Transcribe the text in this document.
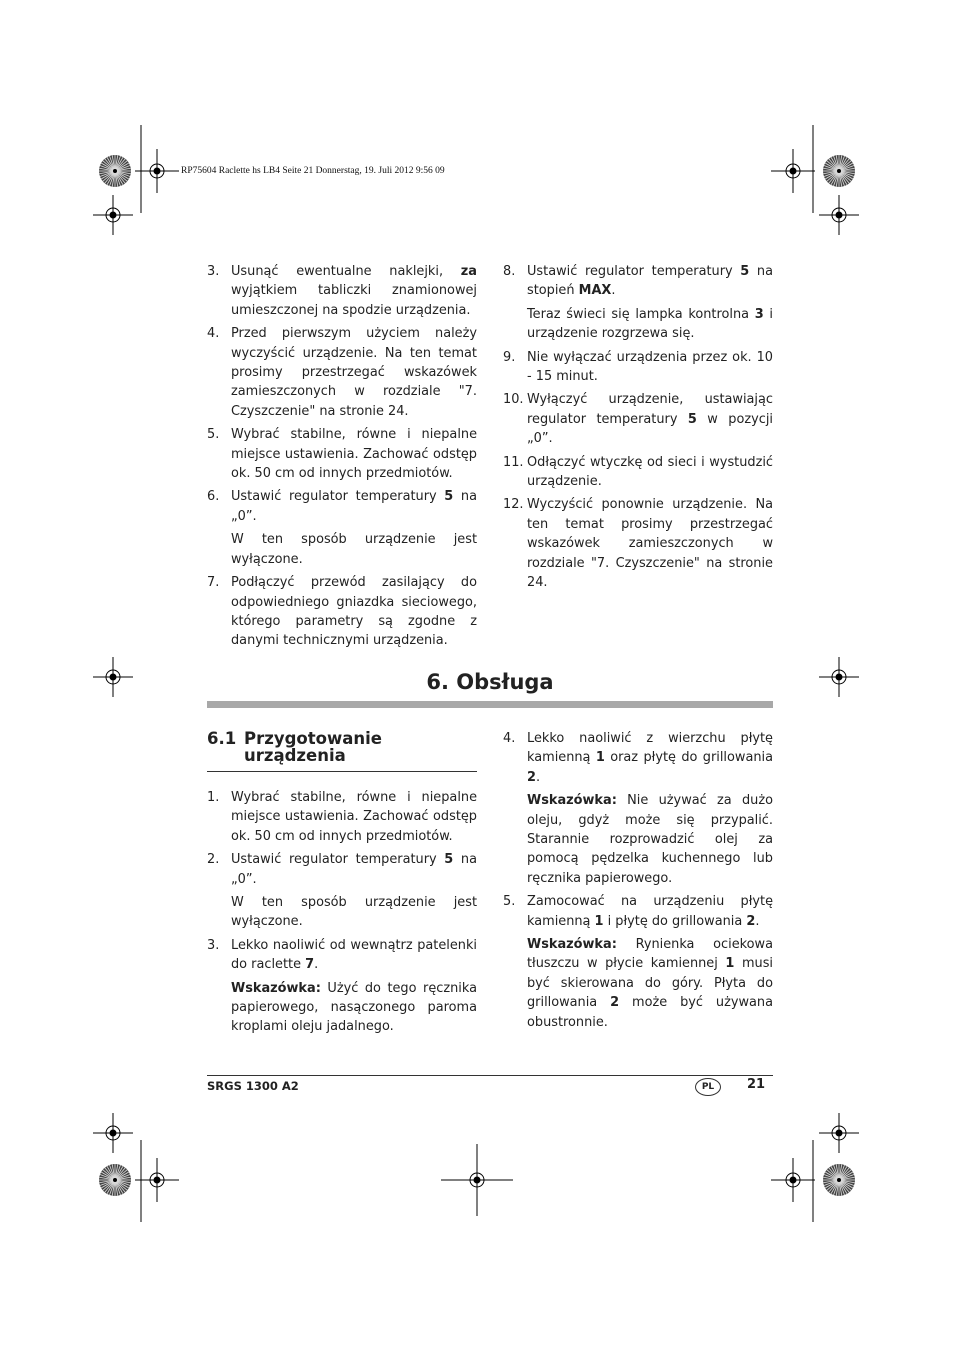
RP75604 Raclette hs LB4 Seite 21 Donnerstag, 19. Juli 2012 9:56 09
3. Usunąć ewentualne naklejki, za wyjątkiem tabliczki znamionowej umieszczonej na spodzie urządzenia.
4. Przed pierwszym użyciem należy wyczyścić urządzenie. Na ten temat prosimy przestrzegać wskazówek zamieszczonych w rozdziale "7. Czyszczenie" na stronie 24.
5. Wybrać stabilne, równe i niepalne miejsce ustawienia. Zachować odstęp ok. 50 cm od innych przedmiotów.
6. Ustawić regulator temperatury 5 na „0”.
W ten sposób urządzenie jest wyłączone.
7. Podłączyć przewód zasilający do odpowiedniego gniazdka sieciowego, którego parametry są zgodne z danymi technicznymi urządzenia.
8. Ustawić regulator temperatury 5 na stopień MAX.
Teraz świeci się lampka kontrolna 3 i urządzenie rozgrzewa się.
9. Nie wyłączać urządzenia przez ok. 10 - 15 minut.
10. Wyłączyć urządzenie, ustawiając regulator temperatury 5 w pozycji „0”.
11. Odłączyć wtyczkę od sieci i wystudzić urządzenie.
12. Wyczyścić ponownie urządzenie. Na ten temat prosimy przestrzegać wskazówek zamieszczonych w rozdziale "7. Czyszczenie" na stronie 24.
6. Obsługa
6.1 Przygotowanie
urządzenia
1. Wybrać stabilne, równe i niepalne miejsce ustawienia. Zachować odstęp ok. 50 cm od innych przedmiotów.
2. Ustawić regulator temperatury 5 na „0”.
W ten sposób urządzenie jest wyłączone.
3. Lekko naoliwić od wewnątrz patelenki do raclette 7.
Wskazówka: Użyć do tego ręcznika papierowego, nasączonego paroma kroplami oleju jadalnego.
4. Lekko naoliwić z wierzchu płytę kamienną 1 oraz płytę do grillowania 2.
Wskazówka: Nie używać za dużo oleju, gdyż może się przypalić. Starannie rozprowadzić olej za pomocą pędzelka kuchennego lub ręcznika papierowego.
5. Zamocować na urządzeniu płytę kamienną 1 i płytę do grillowania 2.
Wskazówka: Rynienka ociekowa tłuszczu w płycie kamiennej 1 musi być skierowana do góry. Płyta do grillowania 2 może być używana obustronnie.
SRGS 1300 A2	PL	21
